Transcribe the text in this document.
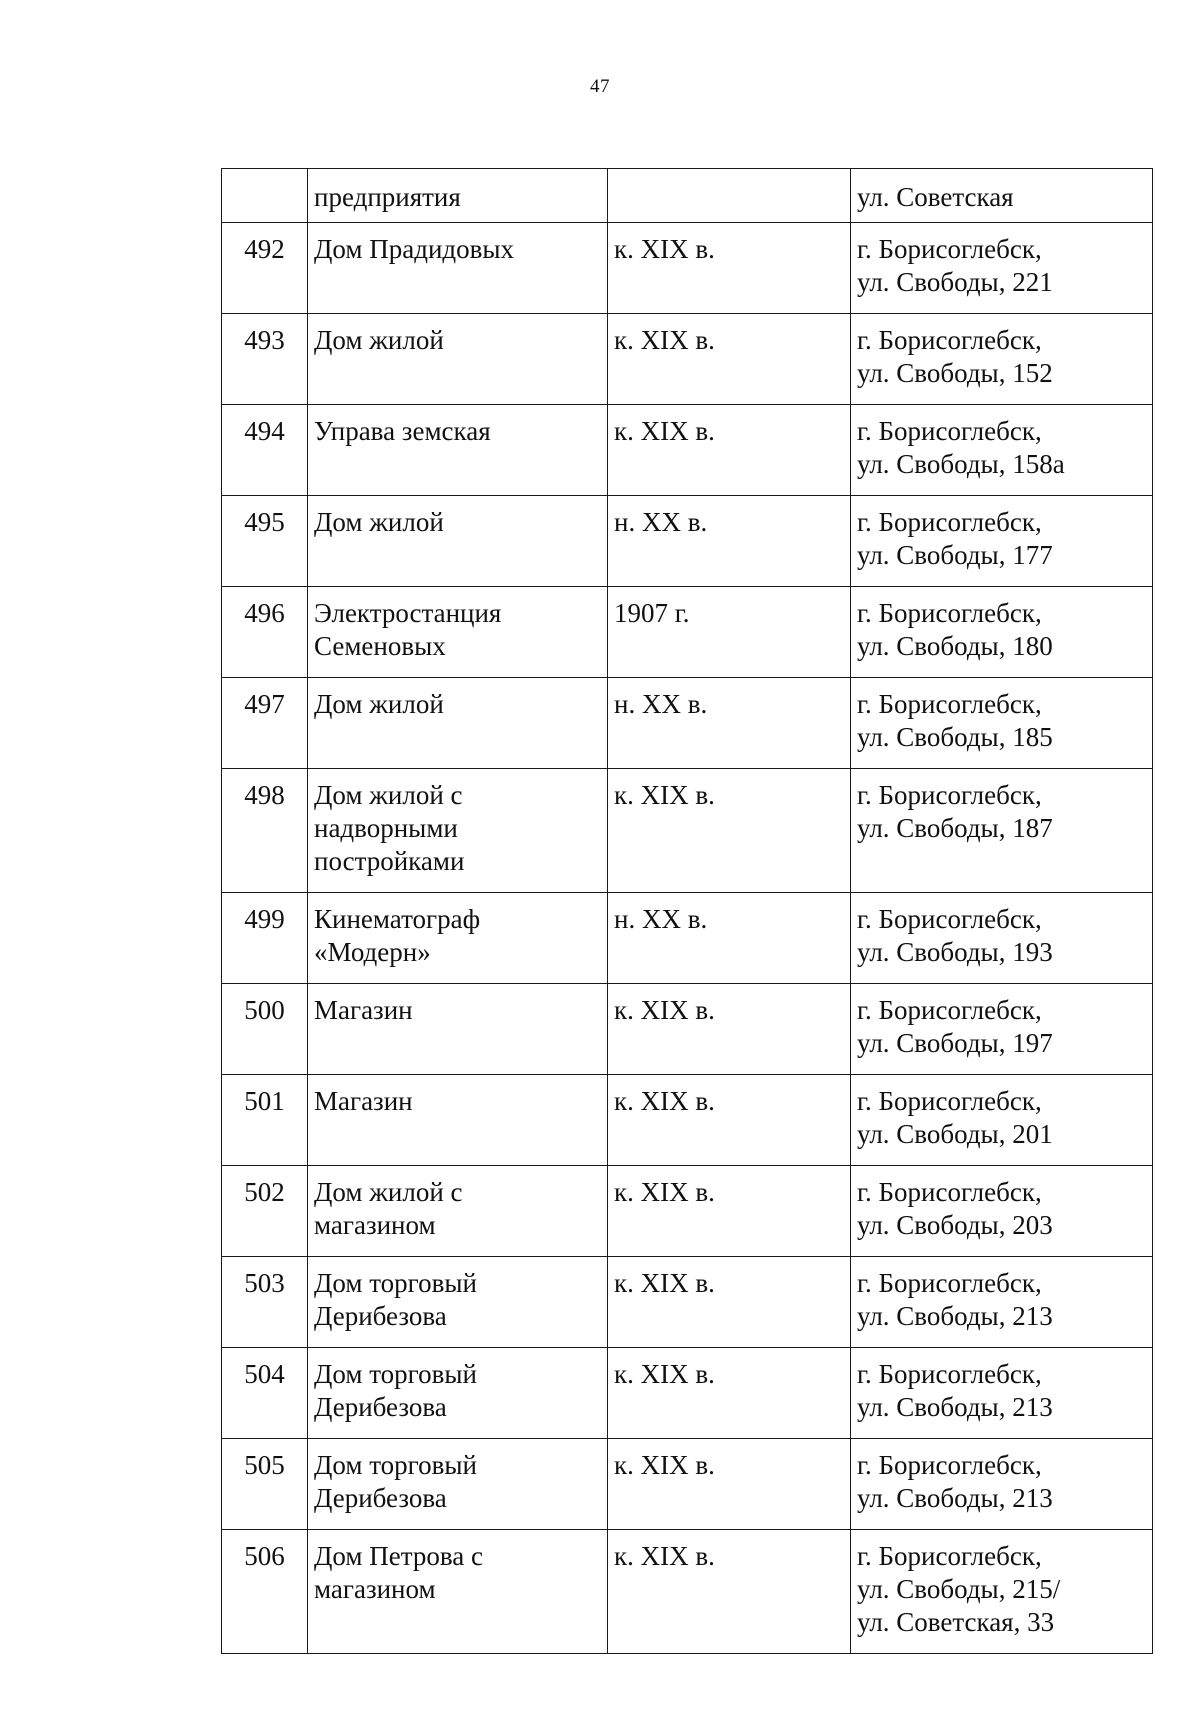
47
	предприятия		ул. Советская
492	Дом Прадидовых	к. XIX в.	г. Борисоглебск,
ул. Свободы, 221
493	Дом жилой	к. XIX в.	г. Борисоглебск,
ул. Свободы, 152
494	Управа земская	к. XIX в.	г. Борисоглебск,
ул. Свободы, 158а
495	Дом жилой	н. XX в.	г. Борисоглебск,
ул. Свободы, 177
496	Электростанция
Семеновых	1907 г.	г. Борисоглебск,
ул. Свободы, 180
497	Дом жилой	н. XX в.	г. Борисоглебск,
ул. Свободы, 185
498	Дом жилой с
надворными
постройками	к. XIX в.	г. Борисоглебск,
ул. Свободы, 187
499	Кинематограф
«Модерн»	н. XX в.	г. Борисоглебск,
ул. Свободы, 193
500	Магазин	к. XIX в.	г. Борисоглебск,
ул. Свободы, 197
501	Магазин	к. XIX в.	г. Борисоглебск,
ул. Свободы, 201
502	Дом жилой с
магазином	к. XIX в.	г. Борисоглебск,
ул. Свободы, 203
503	Дом торговый
Дерибезова	к. XIX в.	г. Борисоглебск,
ул. Свободы, 213
504	Дом торговый
Дерибезова	к. XIX в.	г. Борисоглебск,
ул. Свободы, 213
505	Дом торговый
Дерибезова	к. XIX в.	г. Борисоглебск,
ул. Свободы, 213
506	Дом Петрова с
магазином	к. XIX в.	г. Борисоглебск,
ул. Свободы, 215/
ул. Советская, 33
